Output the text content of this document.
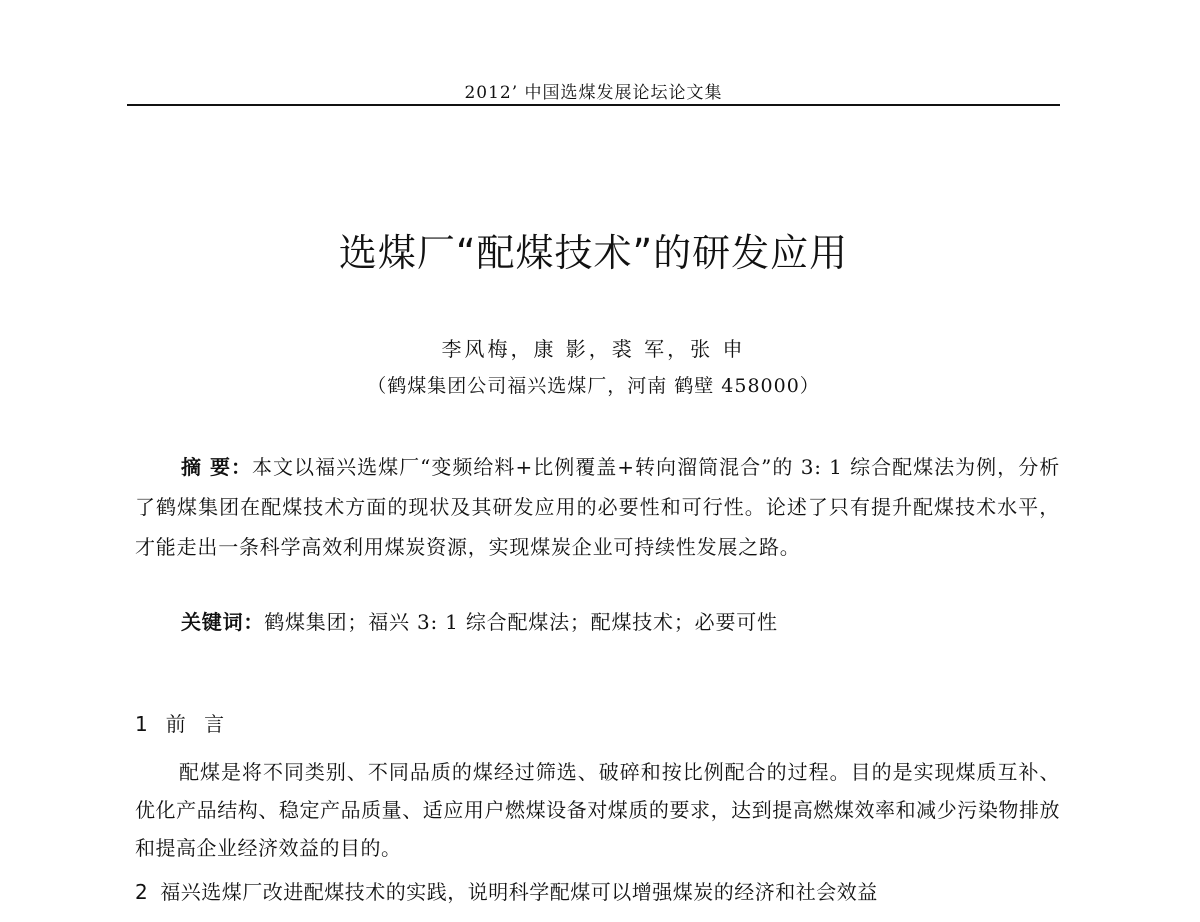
2012’ 中国选煤发展论坛论文集
选煤厂“配煤技术”的研发应用
李风梅，康 影，裘 军，张 申
（鹤煤集团公司福兴选煤厂，河南 鹤壁 458000）

摘 要：本文以福兴选煤厂“变频给料+比例覆盖+转向溜筒混合”的 3: 1 综合配煤法为例，分析了鹤煤集团在配煤技术方面的现状及其研发应用的必要性和可行性。论述了只有提升配煤技术水平，才能走出一条科学高效利用煤炭资源，实现煤炭企业可持续性发展之路。

关键词：鹤煤集团；福兴 3: 1 综合配煤法；配煤技术；必要可性

1 前 言

配煤是将不同类别、不同品质的煤经过筛选、破碎和按比例配合的过程。目的是实现煤质互补、优化产品结构、稳定产品质量、适应用户燃煤设备对煤质的要求，达到提高燃煤效率和减少污染物排放和提高企业经济效益的目的。

2 福兴选煤厂改进配煤技术的实践，说明科学配煤可以增强煤炭的经济和社会效益
